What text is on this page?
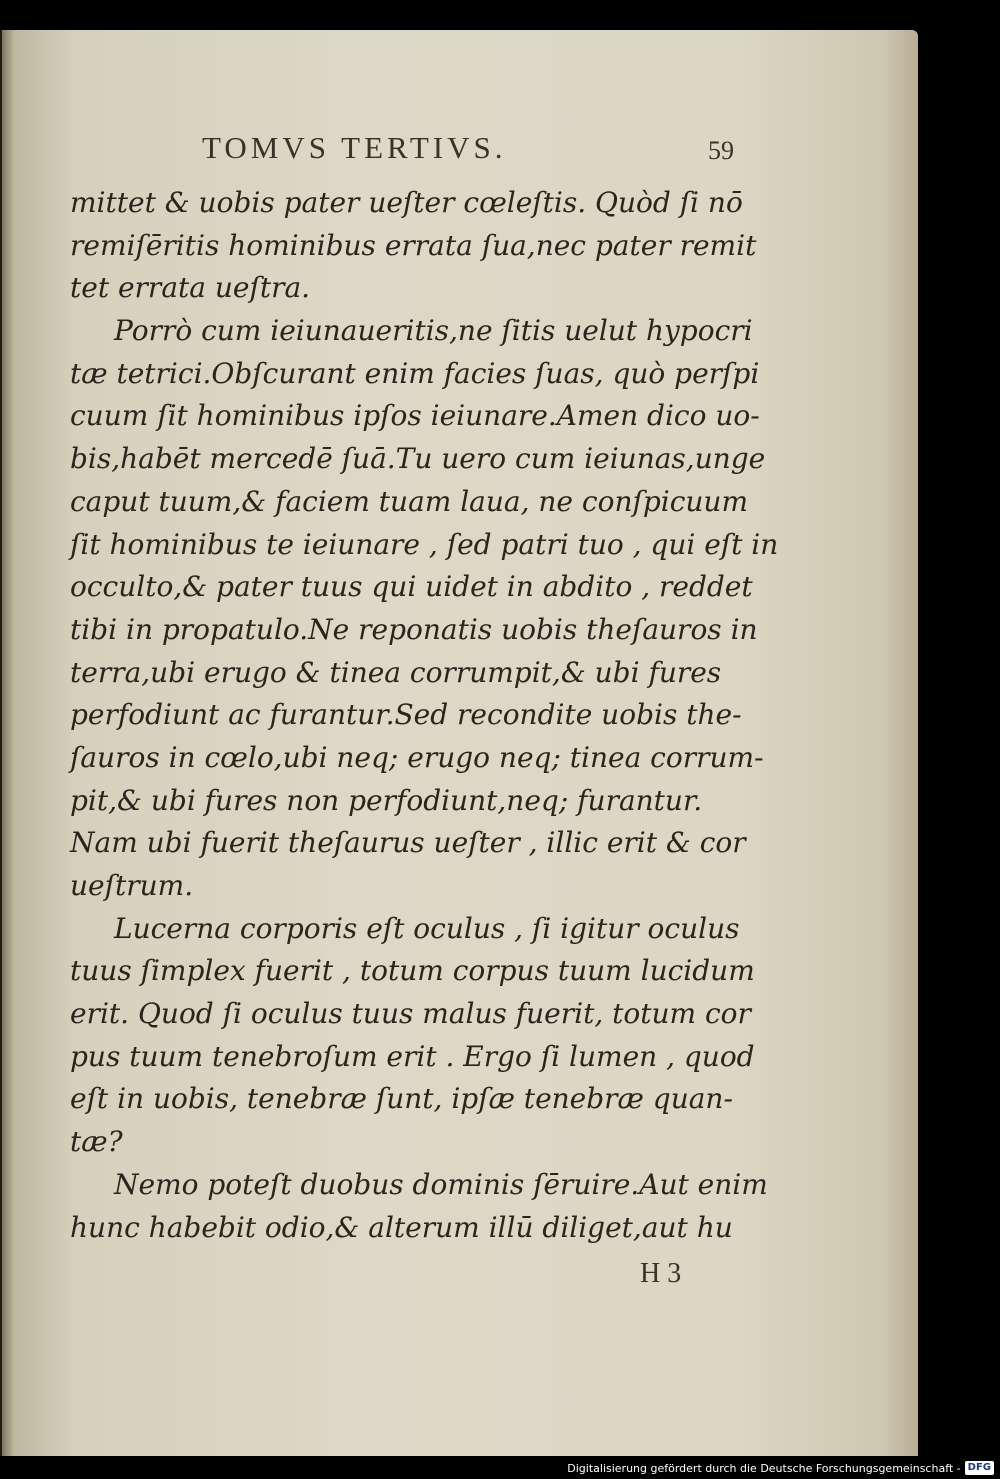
TOMVS TERTIVS.	59
mittet & uobis pater ueſter cœleſtis. Quòd ſi nō
remiſēritis hominibus errata ſua,nec pater remit
tet errata ueſtra.
Porrò cum ieiunaueritis,ne ſitis uelut hypocri
tæ tetrici.Obſcurant enim facies ſuas, quò perſpi
cuum ſit hominibus ipſos ieiunare.Amen dico uo-
bis,habēt mercedē ſuā.Tu uero cum ieiunas,unge
caput tuum,& faciem tuam laua, ne conſpicuum
ſit hominibus te ieiunare , ſed patri tuo , qui eſt in
occulto,& pater tuus qui uidet in abdito , reddet
tibi in propatulo.Ne reponatis uobis theſauros in
terra,ubi erugo & tinea corrumpit,& ubi fures
perfodiunt ac furantur.Sed recondite uobis the-
ſauros in cœlo,ubi neq; erugo neq; tinea corrum-
pit,& ubi fures non perfodiunt,neq; furantur.
Nam ubi fuerit theſaurus ueſter , illic erit & cor
ueſtrum.
Lucerna corporis eſt oculus , ſi igitur oculus
tuus ſimplex fuerit , totum corpus tuum lucidum
erit. Quod ſi oculus tuus malus fuerit, totum cor
pus tuum tenebroſum erit . Ergo ſi lumen , quod
eſt in uobis, tenebræ ſunt, ipſæ tenebræ quan-
tæ?
Nemo poteſt duobus dominis ſēruire.Aut enim
hunc habebit odio,& alterum illū diliget,aut hu
H 3
Digitalisierung gefördert durch die Deutsche Forschungsgemeinschaft - DFG
